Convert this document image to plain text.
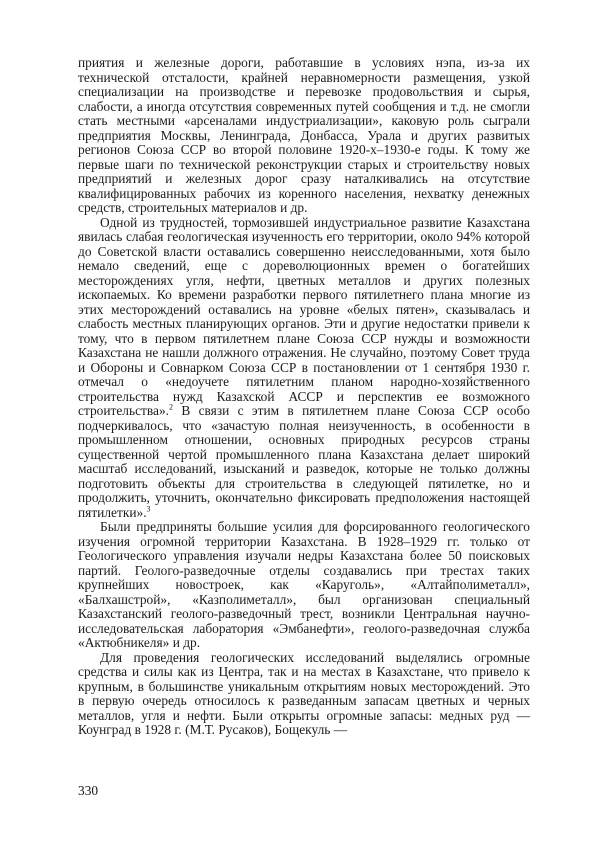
приятия и железные дороги, работавшие в условиях нэпа, из-за их технической отсталости, крайней неравномерности размещения, узкой специализации на производстве и перевозке продовольствия и сырья, слабости, а иногда отсутствия современных путей сообщения и т.д. не смогли стать местными «арсеналами индустриализации», каковую роль сыграли предприятия Москвы, Ленинграда, Донбасса, Урала и других развитых регионов Союза ССР во второй половине 1920-х–1930-е годы. К тому же первые шаги по технической реконструкции старых и строительству новых предприятий и железных дорог сразу наталкивались на отсутствие квалифицированных рабочих из коренного населения, нехватку денежных средств, строительных материалов и др.

Одной из трудностей, тормозившей индустриальное развитие Казахстана явилась слабая геологическая изученность его территории, около 94% которой до Советской власти оставались совершенно неисследованными, хотя было немало сведений, еще с дореволюционных времен о богатейших месторождениях угля, нефти, цветных металлов и других полезных ископаемых. Ко времени разработки первого пятилетнего плана многие из этих месторождений оставались на уровне «белых пятен», сказывалась и слабость местных планирующих органов. Эти и другие недостатки привели к тому, что в первом пятилетнем плане Союза ССР нужды и возможности Казахстана не нашли должного отражения. Не случайно, поэтому Совет труда и Обороны и Совнарком Союза ССР в постановлении от 1 сентября 1930 г. отмечал о «недоучете пятилетним планом народно-хозяйственного строительства нужд Казахской АССР и перспектив ее возможного строительства».$^2$ В связи с этим в пятилетнем плане Союза ССР особо подчеркивалось, что «зачастую полная неизученность, в особенности в промышленном отношении, основных природных ресурсов страны существенной чертой промышленного плана Казахстана делает широкий масштаб исследований, изысканий и разведок, которые не только должны подготовить объекты для строительства в следующей пятилетке, но и продолжить, уточнить, окончательно фиксировать предположения настоящей пятилетки».$^3$

Были предприняты большие усилия для форсированного геологического изучения огромной территории Казахстана. В 1928–1929 гг. только от Геологического управления изучали недры Казахстана более 50 поисковых партий. Геолого-разведочные отделы создавались при трестах таких крупнейших новостроек, как «Каруголь», «Алтайполиметалл», «Балхашстрой», «Казполиметалл», был организован специальный Казахстанский геолого-разведочный трест, возникли Центральная научно-исследовательская лаборатория «Эмбанефти», геолого-разведочная служба «Актюбникеля» и др.

Для проведения геологических исследований выделялись огромные средства и силы как из Центра, так и на местах в Казахстане, что привело к крупным, в большинстве уникальным открытиям новых месторождений. Это в первую очередь относилось к разведанным запасам цветных и черных металлов, угля и нефти. Были открыты огромные запасы: медных руд — Коунград в 1928 г. (М.Т. Русаков), Бощекуль —

330
